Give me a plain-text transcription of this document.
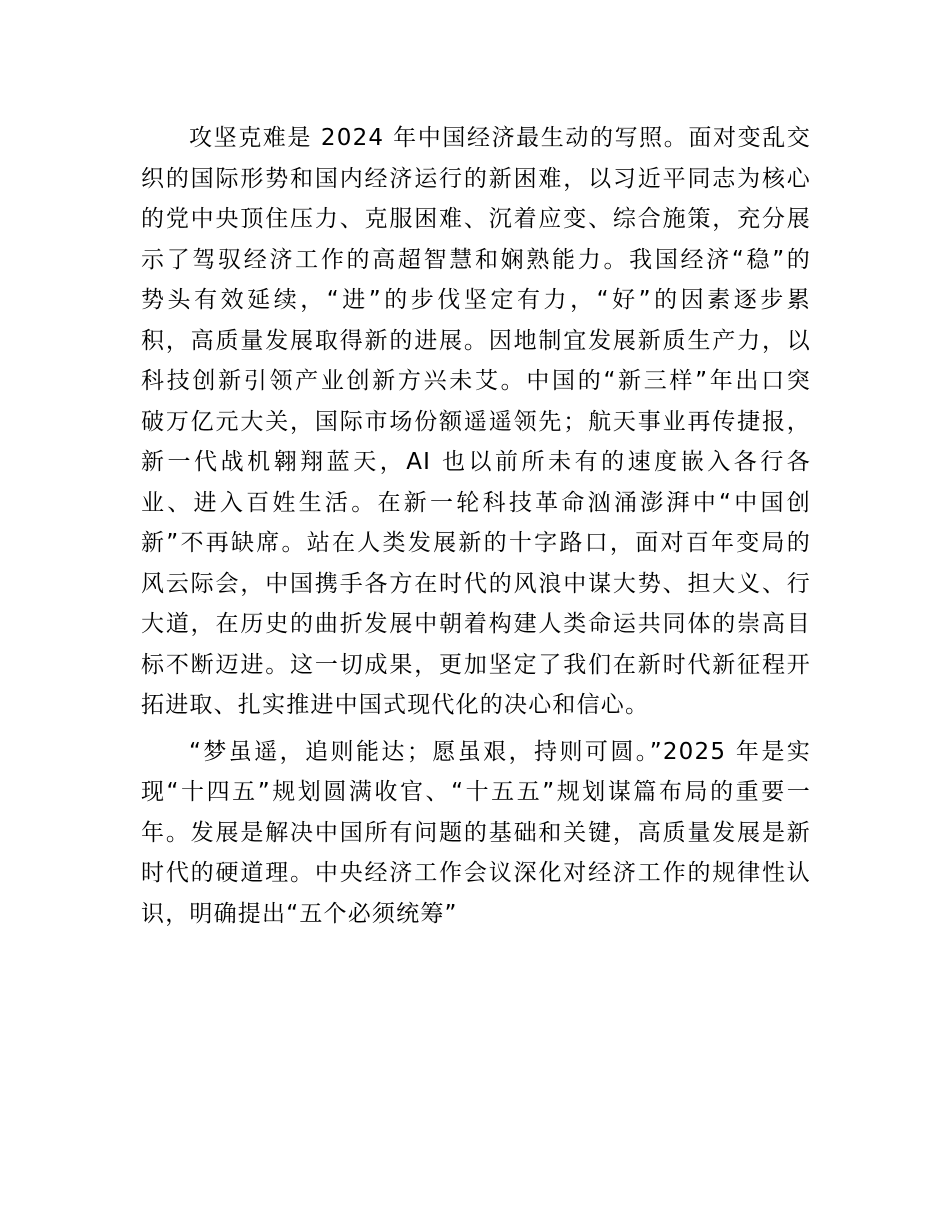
攻坚克难是 2024 年中国经济最生动的写照。面对变乱交
织的国际形势和国内经济运行的新困难，以习近平同志为核心
的党中央顶住压力、克服困难、沉着应变、综合施策，充分展
示了驾驭经济工作的高超智慧和娴熟能力。我国经济“稳”的
势头有效延续，“进”的步伐坚定有力，“好”的因素逐步累
积，高质量发展取得新的进展。因地制宜发展新质生产力，以
科技创新引领产业创新方兴未艾。中国的“新三样”年出口突
破万亿元大关，国际市场份额遥遥领先；航天事业再传捷报，
新一代战机翱翔蓝天，AI 也以前所未有的速度嵌入各行各
业、进入百姓生活。在新一轮科技革命汹涌澎湃中“中国创
新”不再缺席。站在人类发展新的十字路口，面对百年变局的
风云际会，中国携手各方在时代的风浪中谋大势、担大义、行
大道，在历史的曲折发展中朝着构建人类命运共同体的崇高目
标不断迈进。这一切成果，更加坚定了我们在新时代新征程开
拓进取、扎实推进中国式现代化的决心和信心。
“梦虽遥，追则能达；愿虽艰，持则可圆。”2025 年是实
现“十四五”规划圆满收官、“十五五”规划谋篇布局的重要一
年。发展是解决中国所有问题的基础和关键，高质量发展是新
时代的硬道理。中央经济工作会议深化对经济工作的规律性认
识，明确提出“五个必须统筹”
